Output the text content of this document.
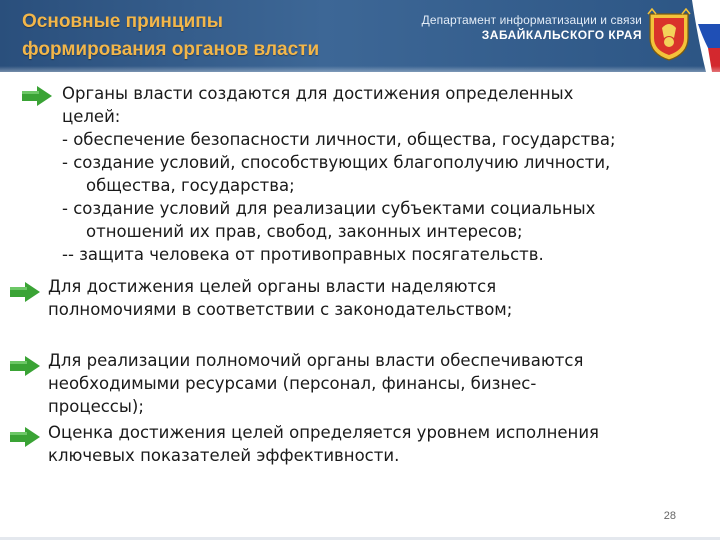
Основные принципы
формирования органов власти
Департамент информатизации и связи
ЗАБАЙКАЛЬСКОГО КРАЯ

Органы власти создаются для достижения определенных
целей:
- обеспечение безопасности личности, общества, государства;
- создание условий, способствующих благополучию личности,
общества, государства;
- создание условий для реализации субъектами социальных
отношений их прав, свобод, законных интересов;
-- защита человека от противоправных посягательств.

Для достижения целей органы власти наделяются
полномочиями в соответствии с законодательством;

Для реализации полномочий органы власти обеспечиваются
необходимыми ресурсами (персонал, финансы, бизнес-
процессы);

Оценка достижения целей определяется уровнем исполнения
ключевых показателей эффективности.

28
